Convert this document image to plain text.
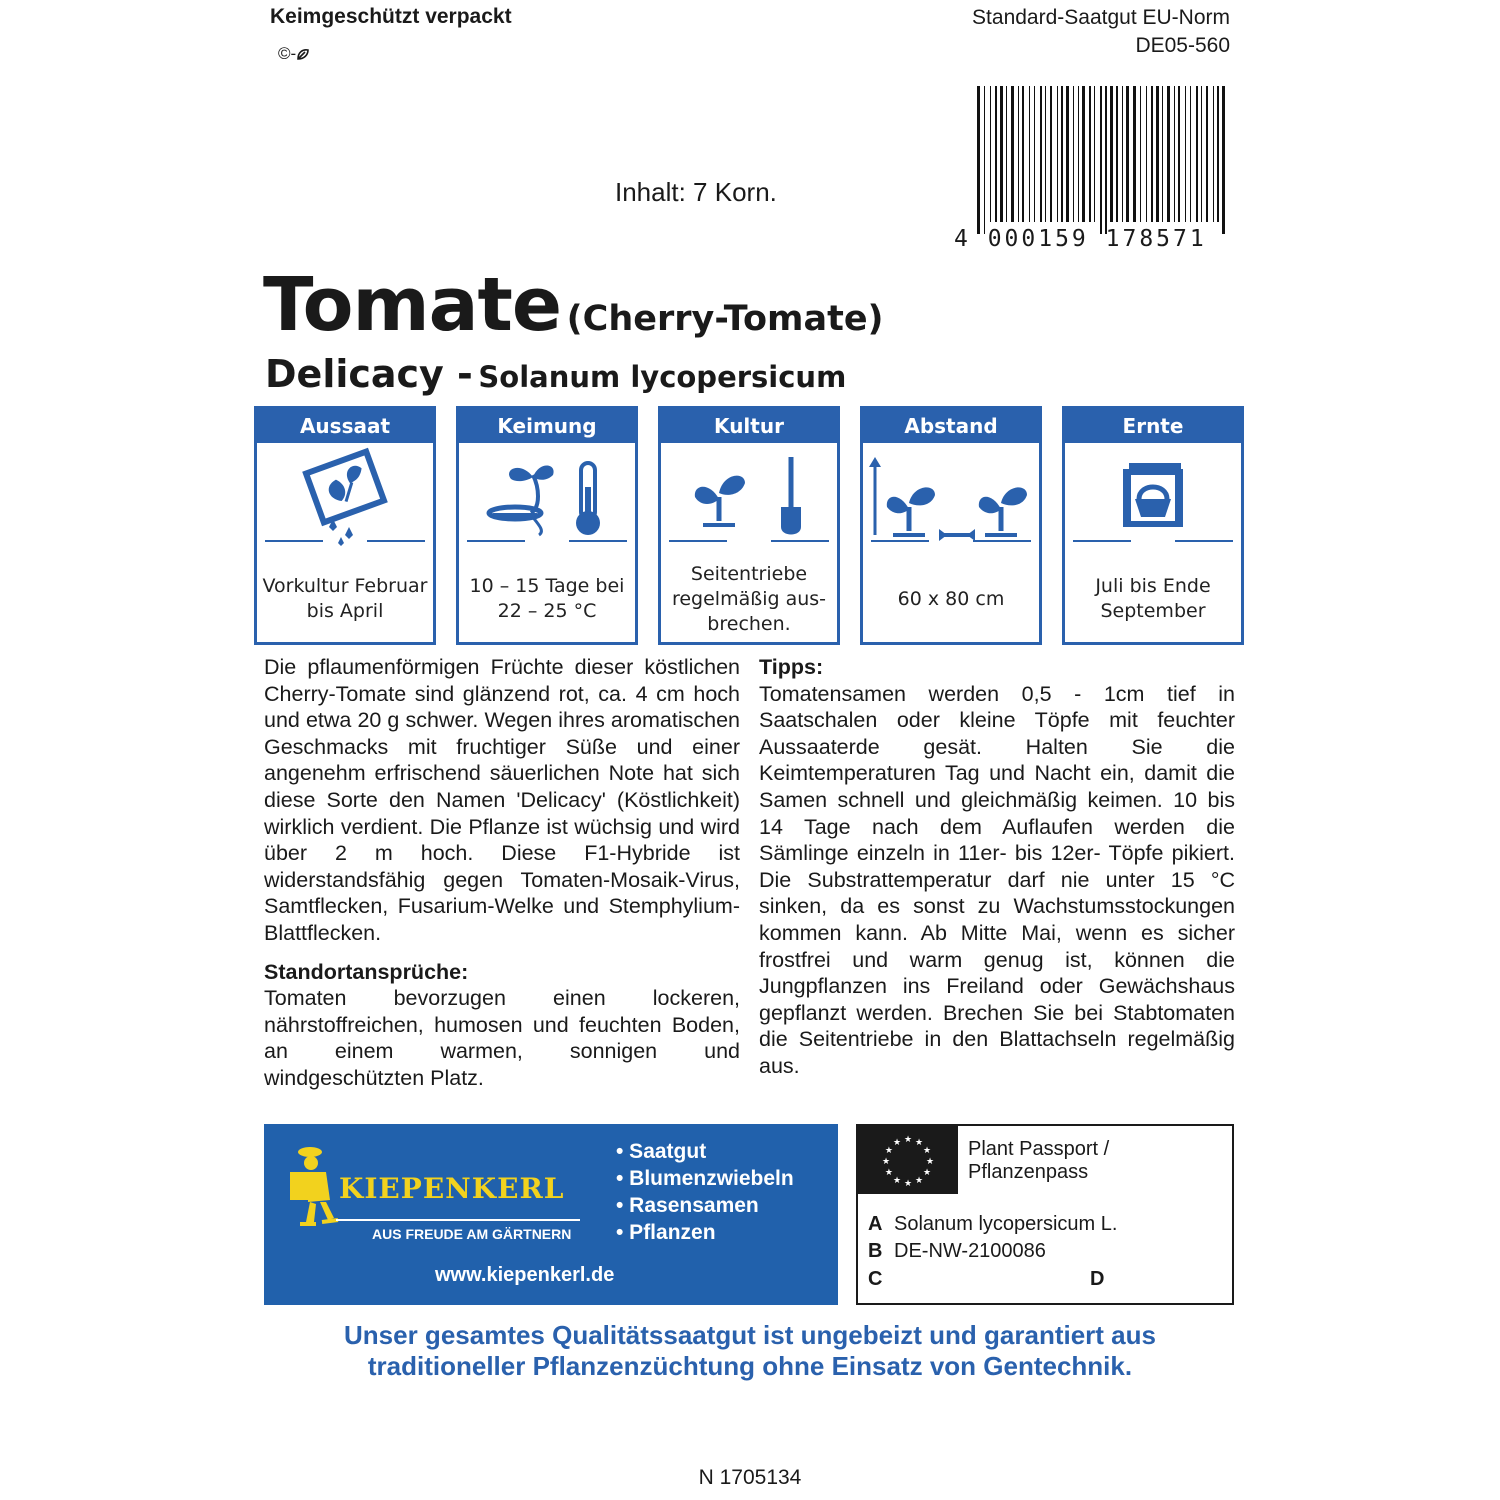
Keimgeschützt verpackt
©-
Standard-Saatgut EU-Norm
DE05-560
4 000159 178571
Inhalt: 7 Korn.
Tomate (Cherry-Tomate)
Delicacy - Solanum lycopersicum
Aussaat
Vorkultur Februar bis April
Keimung
10 – 15 Tage bei 22 – 25 °C
Kultur
Seitentriebe regelmäßig aus-brechen.
Abstand
60 x 80 cm
Ernte
Juli bis Ende September

Die pflaumenförmigen Früchte dieser köstlichen Cherry-Tomate sind glänzend rot, ca. 4 cm hoch und etwa 20 g schwer. Wegen ihres aromatischen Geschmacks mit fruchtiger Süße und einer angenehm erfrischend säuerlichen Note hat sich diese Sorte den Namen 'Delicacy' (Köstlichkeit) wirklich verdient. Die Pflanze ist wüchsig und wird über 2 m hoch. Diese F1-Hybride ist widerstandsfähig gegen Tomaten-Mosaik-Virus, Samtflecken, Fusarium-Welke und Stemphylium-Blattflecken.

Standortansprüche:

Tomaten bevorzugen einen lockeren, nährstoffreichen, humosen und feuchten Boden, an einem warmen, sonnigen und windgeschützten Platz.

Tipps:

Tomatensamen werden 0,5 - 1cm tief in Saatschalen oder kleine Töpfe mit feuchter Aussaaterde gesät. Halten Sie die Keimtemperaturen Tag und Nacht ein, damit die Samen schnell und gleichmäßig keimen. 10 bis 14 Tage nach dem Auflaufen werden die Sämlinge einzeln in 11er- bis 12er- Töpfe pikiert. Die Substrattemperatur darf nie unter 15 °C sinken, da es sonst zu Wachstumsstockungen kommen kann. Ab Mitte Mai, wenn es sicher frostfrei und warm genug ist, können die Jungpflanzen ins Freiland oder Gewächshaus gepflanzt werden. Brechen Sie bei Stabtomaten die Seitentriebe in den Blattachseln regelmäßig aus.

KIEPENKERL
AUS FREUDE AM GÄRTNERN
• Saatgut
• Blumenzwiebeln
• Rasensamen
• Pflanzen
www.kiepenkerl.de
★ ★
★
★
★
★
★
★
★
★
★
★	Plant Passport /
Pflanzenpass
A Solanum lycopersicum L.
B DE-NW-2100086
C	D
Unser gesamtes Qualitätssaatgut ist ungebeizt und garantiert aus
traditioneller Pflanzenzüchtung ohne Einsatz von Gentechnik.
N 1705134
